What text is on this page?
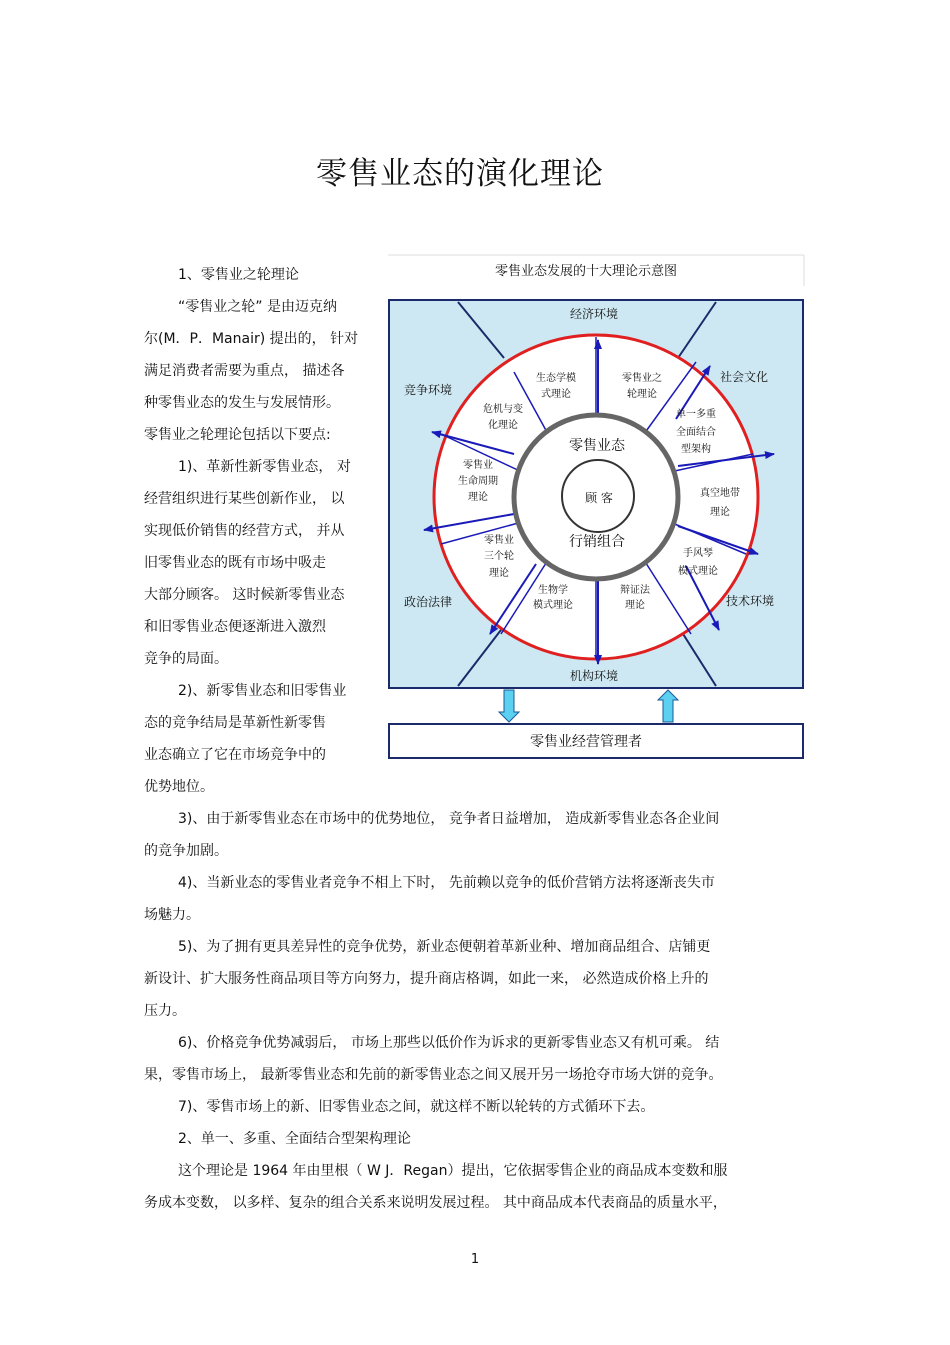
零售业态的演化理论
1、零售业之轮理论
“零售业之轮” 是由迈克纳
尔(M．P．Manair) 提出的， 针对
满足消费者需要为重点， 描述各
种零售业态的发生与发展情形。
零售业之轮理论包括以下要点:
1)、革新性新零售业态， 对
经营组织进行某些创新作业， 以
实现低价销售的经营方式， 并从
旧零售业态的既有市场中吸走
大部分顾客。 这时候新零售业态
和旧零售业态便逐渐进入激烈
竞争的局面。
2)、新零售业态和旧零售业
态的竞争结局是革新性新零售
业态确立了它在市场竞争中的
优势地位。
3)、由于新零售业态在市场中的优势地位， 竞争者日益增加， 造成新零售业态各企业间
的竞争加剧。
4)、当新业态的零售业者竞争不相上下时， 先前赖以竞争的低价营销方法将逐渐丧失市
场魅力。
5)、为了拥有更具差异性的竞争优势，新业态便朝着革新业种、增加商品组合、店铺更
新设计、扩大服务性商品项目等方向努力，提升商店格调，如此一来， 必然造成价格上升的
压力。
6)、价格竞争优势减弱后， 市场上那些以低价作为诉求的更新零售业态又有机可乘。 结
果，零售市场上， 最新零售业态和先前的新零售业态之间又展开另一场抢夺市场大饼的竞争。
7)、零售市场上的新、旧零售业态之间，就这样不断以轮转的方式循环下去。
2、单一、多重、全面结合型架构理论
这个理论是 1964 年由里根（ W J．Regan）提出，它依据零售企业的商品成本变数和服
务成本变数， 以多样、复杂的组合关系来说明发展过程。 其中商品成本代表商品的质量水平，
零售业态发展的十大理论示意图
零售业态
顾 客
行销组合
生态学模
式理论
零售业之
轮理论
单一多重
全面结合
型架构
真空地带
理论
手风琴
模式理论
辩证法
理论
生物学
模式理论
零售业
三个轮
理论
零售业
生命周期
理论
危机与变
化理论
经济环境
社会文化
技术环境
机构环境
政治法律
竞争环境
零售业经营管理者
1
